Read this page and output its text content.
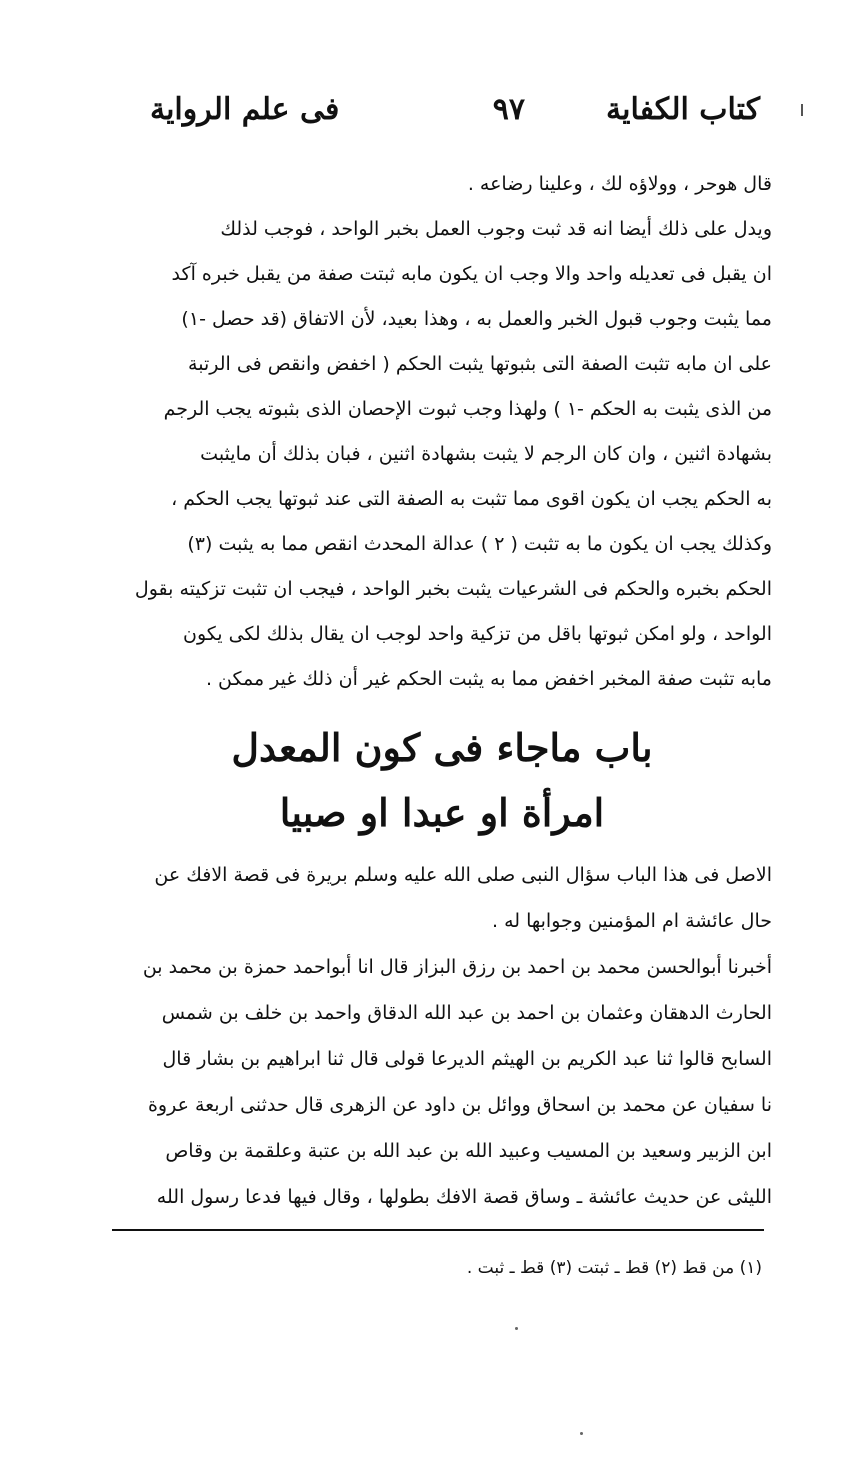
كتاب الكفاية
٩٧
فى علم الرواية
قال هوحر ، وولاؤه لك ، وعلينا رضاعه .
ويدل على ذلك أيضا انه قد ثبت وجوب العمل بخبر الواحد ، فوجب لذلك
ان يقبل فى تعديله واحد والا وجب ان يكون مابه ثبتت صفة من يقبل خبره آكد
مما يثبت وجوب قبول الخبر والعمل به ، وهذا بعيد، لأن الاتفاق (قد حصل -١)
على ان مابه تثبت الصفة التى بثبوتها يثبت الحكم ( اخفض وانقص فى الرتبة
من الذى يثبت به الحكم -١ ) ولهذا وجب ثبوت الإحصان الذى بثبوته يجب الرجم
بشهادة اثنين ، وان كان الرجم لا يثبت بشهادة اثنين ، فبان بذلك أن مايثبت
به الحكم يجب ان يكون اقوى مما تثبت به الصفة التى عند ثبوتها يجب الحكم ،
وكذلك يجب ان يكون ما به تثبت ( ٢ ) عدالة المحدث انقص مما به يثبت (٣)
الحكم بخبره والحكم فى الشرعيات يثبت بخبر الواحد ، فيجب ان تثبت تزكيته بقول
الواحد ، ولو امكن ثبوتها باقل من تزكية واحد لوجب ان يقال بذلك لكى يكون
مابه تثبت صفة المخبر اخفض مما به يثبت الحكم غير أن ذلك غير ممكن .
باب ماجاء فى كون المعدل
امرأة او عبدا او صبيا
الاصل فى هذا الباب سؤال النبى صلى الله عليه وسلم بريرة فى قصة الافك عن
حال عائشة ام المؤمنين وجوابها له .
أخبرنا أبوالحسن محمد بن احمد بن رزق البزاز قال انا أبواحمد حمزة بن محمد بن
الحارث الدهقان وعثمان بن احمد بن عبد الله الدقاق واحمد بن خلف بن شمس
السابح قالوا ثنا عبد الكريم بن الهيثم الديرعا قولى قال ثنا ابراهيم بن بشار قال
نا سفيان عن محمد بن اسحاق ووائل بن داود عن الزهرى قال حدثنى اربعة عروة
ابن الزبير وسعيد بن المسيب وعبيد الله بن عبد الله بن عتبة وعلقمة بن وقاص
الليثى عن حديث عائشة ـ وساق قصة الافك بطولها ، وقال فيها فدعا رسول الله
(١) من قط (٢) قط ـ ثبتت (٣) قط ـ ثبت .
